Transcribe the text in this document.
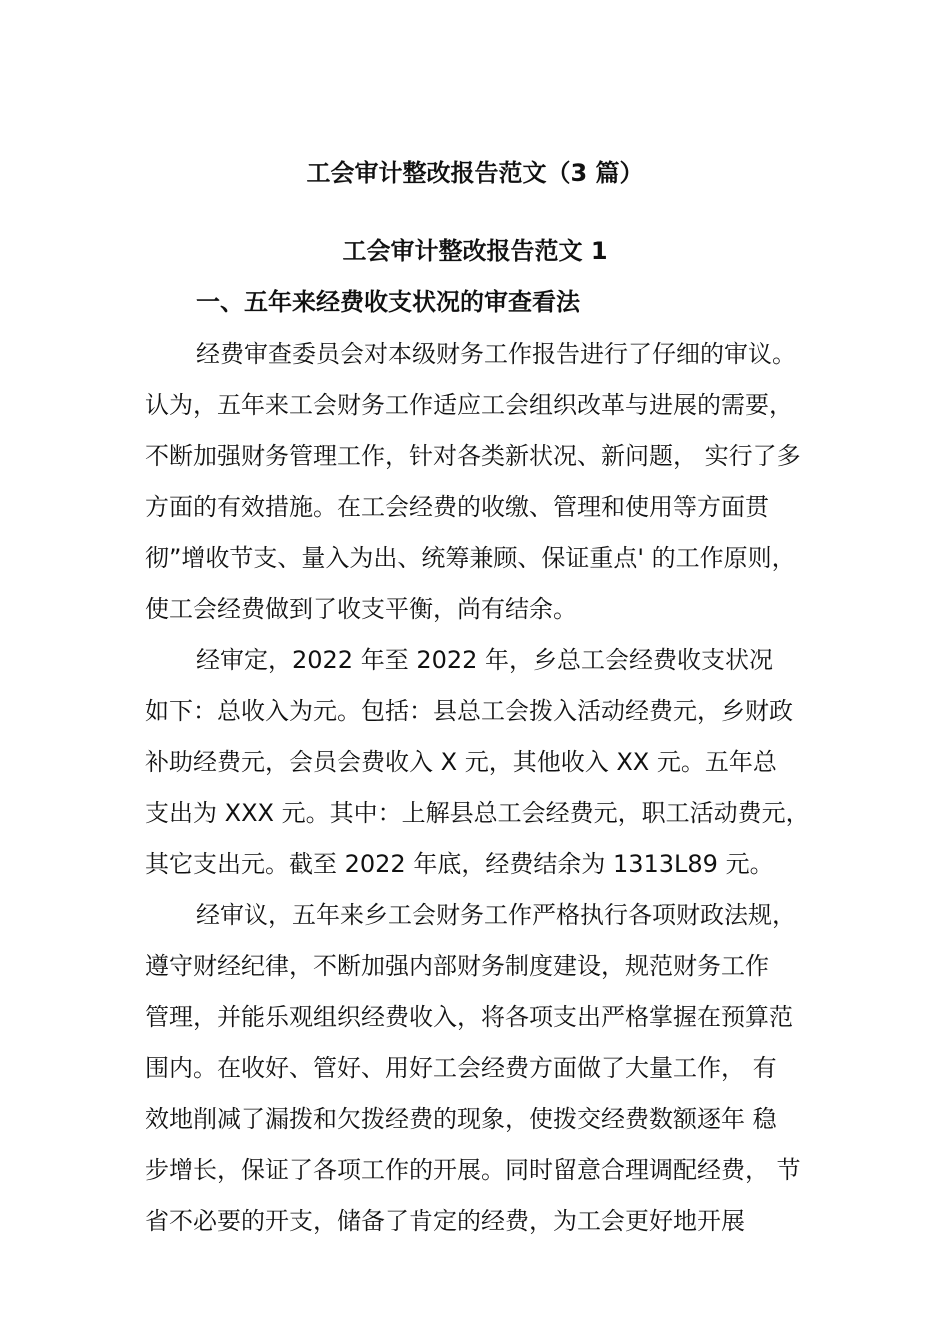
工会审计整改报告范文（3 篇）
工会审计整改报告范文 1
一、五年来经费收支状况的审查看法
经费审查委员会对本级财务工作报告进行了仔细的审议。
认为，五年来工会财务工作适应工会组织改革与进展的需要，
不断加强财务管理工作，针对各类新状况、新问题， 实行了多
方面的有效措施。在工会经费的收缴、管理和使用等方面贯
彻”增收节支、量入为出、统筹兼顾、保证重点' 的工作原则，
使工会经费做到了收支平衡，尚有结余。
经审定，2022 年至 2022 年，乡总工会经费收支状况
如下：总收入为元。包括：县总工会拨入活动经费元，乡财政
补助经费元，会员会费收入 X 元，其他收入 XX 元。五年总
支出为 XXX 元。其中：上解县总工会经费元，职工活动费元，
其它支出元。截至 2022 年底，经费结余为 1313L89 元。
经审议，五年来乡工会财务工作严格执行各项财政法规，
遵守财经纪律，不断加强内部财务制度建设，规范财务工作
管理，并能乐观组织经费收入，将各项支出严格掌握在预算范
围内。在收好、管好、用好工会经费方面做了大量工作， 有
效地削减了漏拨和欠拨经费的现象，使拨交经费数额逐年 稳
步增长，保证了各项工作的开展。同时留意合理调配经费， 节
省不必要的开支，储备了肯定的经费，为工会更好地开展
